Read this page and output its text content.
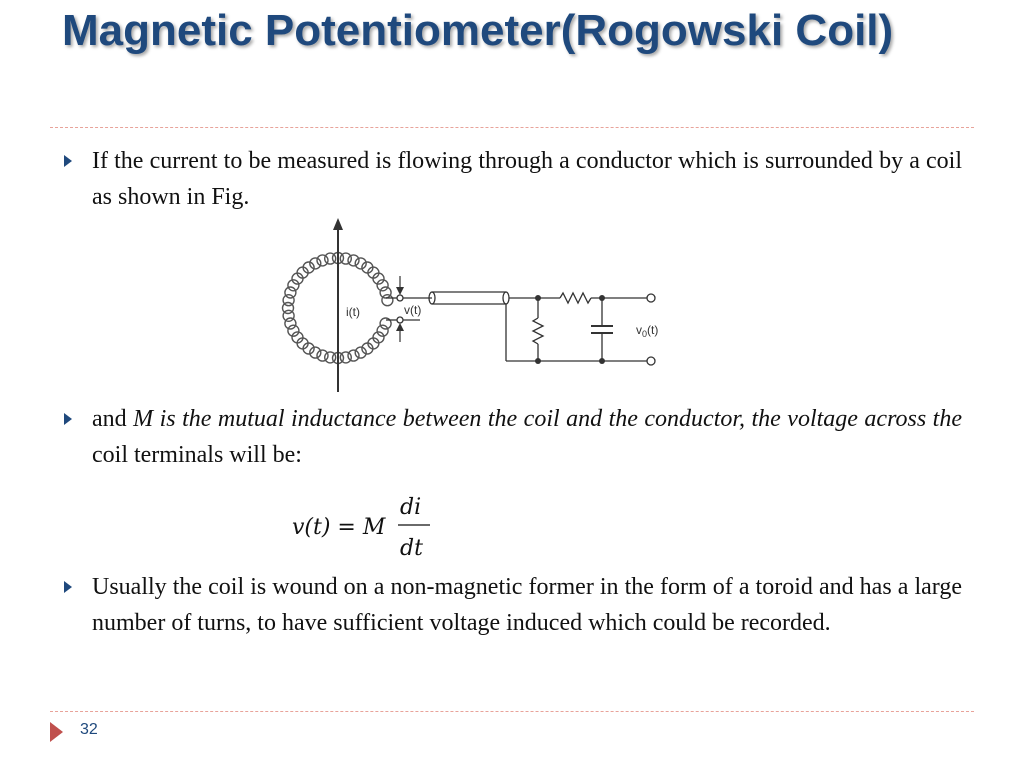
Magnetic Potentiometer(Rogowski Coil)

If the current to be measured is flowing through a conductor which is surrounded by a coil as shown in Fig.

i(t)	v(t)
$v_0(t)$

and M is the mutual inductance between the coil and the conductor, the voltage across the coil terminals will be:

v(t) = M
di
dt

Usually the coil is wound on a non-magnetic former in the form of a toroid and has a large number of turns, to have sufficient voltage induced which could be recorded.

32
